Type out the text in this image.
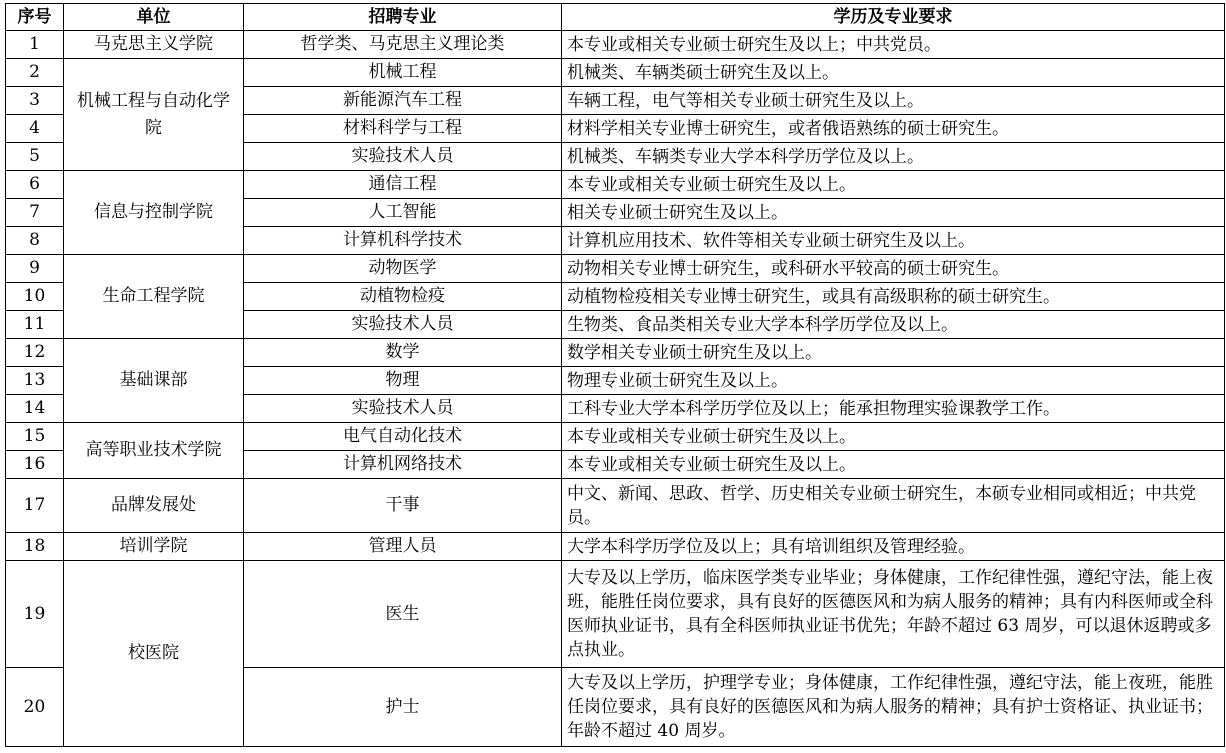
序号	单位	招聘专业	学历及专业要求
1	马克思主义学院	哲学类、马克思主义理论类	本专业或相关专业硕士研究生及以上；中共党员。
2	机械工程与自动化学院	机械工程	机械类、车辆类硕士研究生及以上。
3		新能源汽车工程	车辆工程，电气等相关专业硕士研究生及以上。
4		材料科学与工程	材料学相关专业博士研究生，或者俄语熟练的硕士研究生。
5		实验技术人员	机械类、车辆类专业大学本科学历学位及以上。
6	信息与控制学院	通信工程	本专业或相关专业硕士研究生及以上。
7		人工智能	相关专业硕士研究生及以上。
8		计算机科学技术	计算机应用技术、软件等相关专业硕士研究生及以上。
9	生命工程学院	动物医学	动物相关专业博士研究生，或科研水平较高的硕士研究生。
10		动植物检疫	动植物检疫相关专业博士研究生，或具有高级职称的硕士研究生。
11		实验技术人员	生物类、食品类相关专业大学本科学历学位及以上。
12	基础课部	数学	数学相关专业硕士研究生及以上。
13		物理	物理专业硕士研究生及以上。
14		实验技术人员	工科专业大学本科学历学位及以上；能承担物理实验课教学工作。
15	高等职业技术学院	电气自动化技术	本专业或相关专业硕士研究生及以上。
16		计算机网络技术	本专业或相关专业硕士研究生及以上。
17	品牌发展处	干事	中文、新闻、思政、哲学、历史相关专业硕士研究生，本硕专业相同或相近；中共党员。
18	培训学院	管理人员	大学本科学历学位及以上；具有培训组织及管理经验。
19	校医院	医生	大专及以上学历，临床医学类专业毕业；身体健康，工作纪律性强，遵纪守法，能上夜班，能胜任岗位要求，具有良好的医德医风和为病人服务的精神；具有内科医师或全科医师执业证书，具有全科医师执业证书优先；年龄不超过 63 周岁，可以退休返聘或多点执业。
20		护士	大专及以上学历，护理学专业；身体健康，工作纪律性强，遵纪守法，能上夜班，能胜任岗位要求，具有良好的医德医风和为病人服务的精神；具有护士资格证、执业证书；年龄不超过 40 周岁。
